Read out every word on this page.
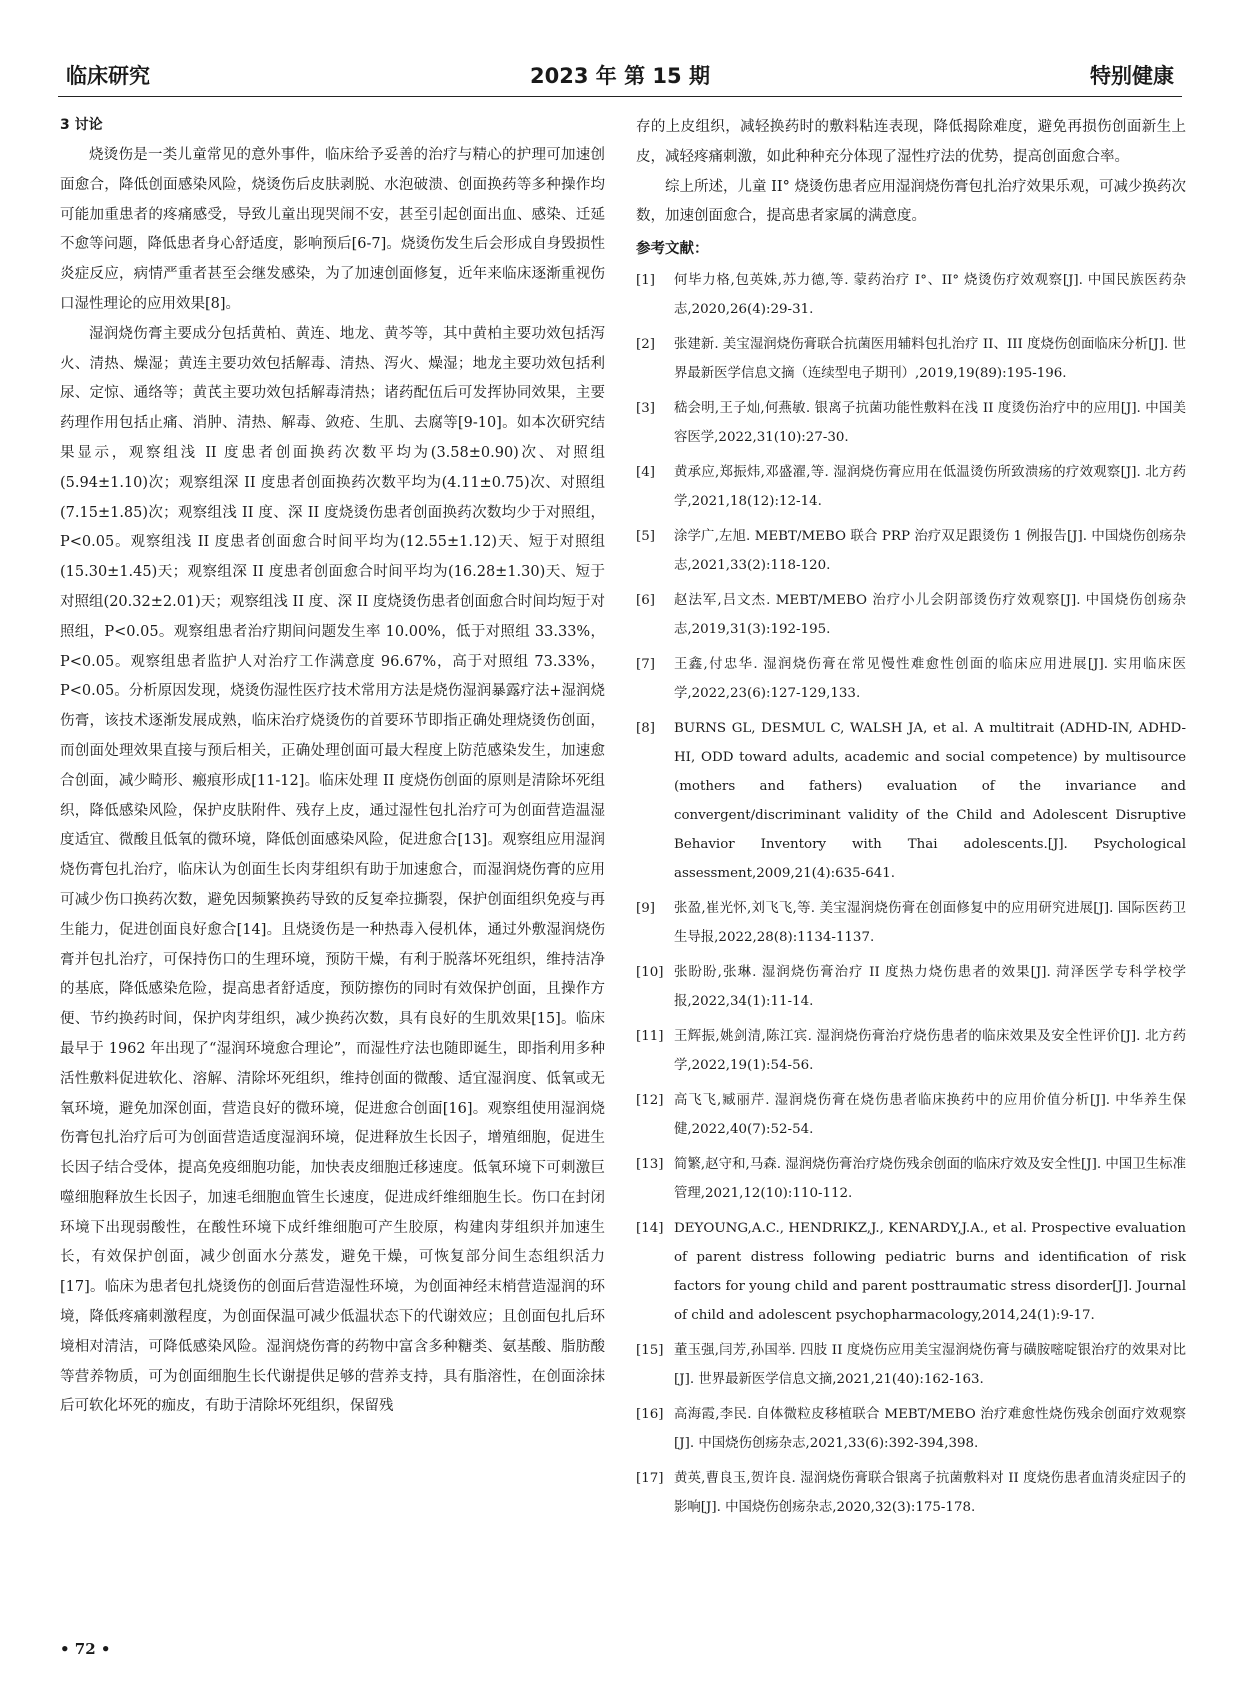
临床研究	2023 年 第 15 期	特别健康
3 讨论

烧烫伤是一类儿童常见的意外事件，临床给予妥善的治疗与精心的护理可加速创面愈合，降低创面感染风险，烧烫伤后皮肤剥脱、水泡破溃、创面换药等多种操作均可能加重患者的疼痛感受，导致儿童出现哭闹不安，甚至引起创面出血、感染、迁延不愈等问题，降低患者身心舒适度，影响预后[6-7]。烧烫伤发生后会形成自身毁损性炎症反应，病情严重者甚至会继发感染，为了加速创面修复，近年来临床逐渐重视伤口湿性理论的应用效果[8]。

湿润烧伤膏主要成分包括黄柏、黄连、地龙、黄芩等，其中黄柏主要功效包括泻火、清热、燥湿；黄连主要功效包括解毒、清热、泻火、燥湿；地龙主要功效包括利尿、定惊、通络等；黄芪主要功效包括解毒清热；诸药配伍后可发挥协同效果，主要药理作用包括止痛、消肿、清热、解毒、敛疮、生肌、去腐等[9-10]。如本次研究结果显示，观察组浅 II 度患者创面换药次数平均为(3.58±0.90)次、对照组(5.94±1.10)次；观察组深 II 度患者创面换药次数平均为(4.11±0.75)次、对照组(7.15±1.85)次；观察组浅 II 度、深 II 度烧烫伤患者创面换药次数均少于对照组，P<0.05。观察组浅 II 度患者创面愈合时间平均为(12.55±1.12)天、短于对照组(15.30±1.45)天；观察组深 II 度患者创面愈合时间平均为(16.28±1.30)天、短于对照组(20.32±2.01)天；观察组浅 II 度、深 II 度烧烫伤患者创面愈合时间均短于对照组，P<0.05。观察组患者治疗期间问题发生率 10.00%，低于对照组 33.33%，P<0.05。观察组患者监护人对治疗工作满意度 96.67%，高于对照组 73.33%，P<0.05。分析原因发现，烧烫伤湿性医疗技术常用方法是烧伤湿润暴露疗法+湿润烧伤膏，该技术逐渐发展成熟，临床治疗烧烫伤的首要环节即指正确处理烧烫伤创面，而创面处理效果直接与预后相关，正确处理创面可最大程度上防范感染发生，加速愈合创面，减少畸形、瘢痕形成[11-12]。临床处理 II 度烧伤创面的原则是清除坏死组织，降低感染风险，保护皮肤附件、残存上皮，通过湿性包扎治疗可为创面营造温湿度适宜、微酸且低氧的微环境，降低创面感染风险，促进愈合[13]。观察组应用湿润烧伤膏包扎治疗，临床认为创面生长肉芽组织有助于加速愈合，而湿润烧伤膏的应用可减少伤口换药次数，避免因频繁换药导致的反复牵拉撕裂，保护创面组织免疫与再生能力，促进创面良好愈合[14]。且烧烫伤是一种热毒入侵机体，通过外敷湿润烧伤膏并包扎治疗，可保持伤口的生理环境，预防干燥，有利于脱落坏死组织，维持洁净的基底，降低感染危险，提高患者舒适度，预防擦伤的同时有效保护创面，且操作方便、节约换药时间，保护肉芽组织，减少换药次数，具有良好的生肌效果[15]。临床最早于 1962 年出现了“湿润环境愈合理论”，而湿性疗法也随即诞生，即指利用多种活性敷料促进软化、溶解、清除坏死组织，维持创面的微酸、适宜湿润度、低氧或无氧环境，避免加深创面，营造良好的微环境，促进愈合创面[16]。观察组使用湿润烧伤膏包扎治疗后可为创面营造适度湿润环境，促进释放生长因子，增殖细胞，促进生长因子结合受体，提高免疫细胞功能，加快表皮细胞迁移速度。低氧环境下可刺激巨噬细胞释放生长因子，加速毛细胞血管生长速度，促进成纤维细胞生长。伤口在封闭环境下出现弱酸性，在酸性环境下成纤维细胞可产生胶原，构建肉芽组织并加速生长，有效保护创面，减少创面水分蒸发，避免干燥，可恢复部分间生态组织活力[17]。临床为患者包扎烧烫伤的创面后营造湿性环境，为创面神经末梢营造湿润的环境，降低疼痛刺激程度，为创面保温可减少低温状态下的代谢效应；且创面包扎后环境相对清洁，可降低感染风险。湿润烧伤膏的药物中富含多种糖类、氨基酸、脂肪酸等营养物质，可为创面细胞生长代谢提供足够的营养支持，具有脂溶性，在创面涂抹后可软化坏死的痂皮，有助于清除坏死组织，保留残

存的上皮组织，减轻换药时的敷料粘连表现，降低揭除难度，避免再损伤创面新生上皮，减轻疼痛刺激，如此种种充分体现了湿性疗法的优势，提高创面愈合率。

综上所述，儿童 II° 烧烫伤患者应用湿润烧伤膏包扎治疗效果乐观，可减少换药次数，加速创面愈合，提高患者家属的满意度。

参考文献：
[1] 何毕力格,包英姝,苏力德,等. 蒙药治疗 I°、II° 烧烫伤疗效观察[J]. 中国民族医药杂志,2020,26(4):29-31.
[2] 张建新. 美宝湿润烧伤膏联合抗菌医用辅料包扎治疗 II、III 度烧伤创面临床分析[J]. 世界最新医学信息文摘（连续型电子期刊）,2019,19(89):195-196.
[3] 嵇会明,王子灿,何燕敏. 银离子抗菌功能性敷料在浅 II 度烫伤治疗中的应用[J]. 中国美容医学,2022,31(10):27-30.
[4] 黄承应,郑振炜,邓盛濯,等. 湿润烧伤膏应用在低温烫伤所致溃疡的疗效观察[J]. 北方药学,2021,18(12):12-14.
[5] 涂学广,左旭. MEBT/MEBO 联合 PRP 治疗双足跟烫伤 1 例报告[J]. 中国烧伤创疡杂志,2021,33(2):118-120.
[6] 赵法军,吕文杰. MEBT/MEBO 治疗小儿会阴部烫伤疗效观察[J]. 中国烧伤创疡杂志,2019,31(3):192-195.
[7] 王鑫,付忠华. 湿润烧伤膏在常见慢性难愈性创面的临床应用进展[J]. 实用临床医学,2022,23(6):127-129,133.
[8] BURNS GL, DESMUL C, WALSH JA, et al. A multitrait (ADHD-IN, ADHD-HI, ODD toward adults, academic and social competence) by multisource (mothers and fathers) evaluation of the invariance and convergent/discriminant validity of the Child and Adolescent Disruptive Behavior Inventory with Thai adolescents.[J]. Psychological assessment,2009,21(4):635-641.
[9] 张盈,崔光怀,刘飞飞,等. 美宝湿润烧伤膏在创面修复中的应用研究进展[J]. 国际医药卫生导报,2022,28(8):1134-1137.
[10] 张盼盼,张琳. 湿润烧伤膏治疗 II 度热力烧伤患者的效果[J]. 菏泽医学专科学校学报,2022,34(1):11-14.
[11] 王辉振,姚剑清,陈江宾. 湿润烧伤膏治疗烧伤患者的临床效果及安全性评价[J]. 北方药学,2022,19(1):54-56.
[12] 高飞飞,臧丽芹. 湿润烧伤膏在烧伤患者临床换药中的应用价值分析[J]. 中华养生保健,2022,40(7):52-54.
[13] 简繁,赵守和,马森. 湿润烧伤膏治疗烧伤残余创面的临床疗效及安全性[J]. 中国卫生标准管理,2021,12(10):110-112.
[14] DEYOUNG,A.C., HENDRIKZ,J., KENARDY,J.A., et al. Prospective evaluation of parent distress following pediatric burns and identification of risk factors for young child and parent posttraumatic stress disorder[J]. Journal of child and adolescent psychopharmacology,2014,24(1):9-17.
[15] 董玉强,闫芳,孙国举. 四肢 II 度烧伤应用美宝湿润烧伤膏与磺胺嘧啶银治疗的效果对比[J]. 世界最新医学信息文摘,2021,21(40):162-163.
[16] 高海霞,李民. 自体微粒皮移植联合 MEBT/MEBO 治疗难愈性烧伤残余创面疗效观察[J]. 中国烧伤创疡杂志,2021,33(6):392-394,398.
[17] 黄英,曹良玉,贺许良. 湿润烧伤膏联合银离子抗菌敷料对 II 度烧伤患者血清炎症因子的影响[J]. 中国烧伤创疡杂志,2020,32(3):175-178.
• 72 •
